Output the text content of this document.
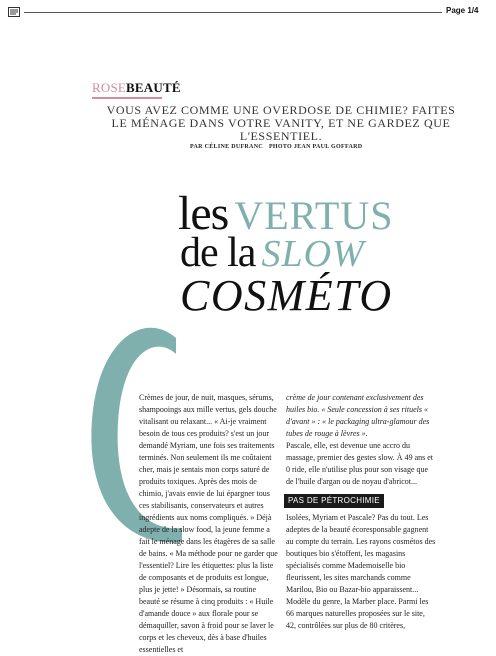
Page 1/4
ROSEBEAUTÉ
VOUS AVEZ COMME UNE OVERDOSE DE CHIMIE? FAITES
LE MÉNAGE DANS VOTRE VANITY, ET NE GARDEZ QUE L'ESSENTIEL.
PAR CÉLINE DUFRANC PHOTO JEAN PAUL GOFFARD
les VERTUS
de la SLOW
COSMÉTO

Crèmes de jour, de nuit, masques, sérums, shampooings aux mille vertus, gels douche vitalisant ou relaxant... « Ai-je vraiment besoin de tous ces produits? s'est un jour demandé Myriam, une fois ses traitements terminés. Non seulement ils me coûtaient cher, mais je sentais mon corps saturé de produits toxiques. Après des mois de chimio, j'avais envie de lui épargner tous ces stabilisants, conservateurs et autres ingrédients aux noms compliqués. » Déjà adepte de la slow food, la jeune femme a fait le ménage dans les étagères de sa salle de bains. « Ma méthode pour ne garder que l'essentiel? Lire les étiquettes: plus la liste de composants et de produits est longue, plus je jette! » Désormais, sa routine beauté se résume à cinq produits : « Huile d'amande douce » aux florale pour se démaquiller, savon à froid pour se laver le corps et les cheveux, dès à base d'huiles essentielles et

crème de jour contenant exclusivement des huiles bio. « Seule concession à ses rituels « d'avant » : « le packaging ultra-glamour des tubes de rouge à lèvres ».

Pascale, elle, est devenue une accro du massage, premier des gestes slow. À 49 ans et 0 ride, elle n'utilise plus pour son visage que de l'huile d'argan ou de noyau d'abricot...

PAS DE PÉTROCHIMIE

Isolées, Myriam et Pascale? Pas du tout. Les adeptes de la beauté écoresponsable gagnent au compte du terrain. Les rayons cosmétos des boutiques bio s'étoffent, les magasins spécialisés comme Mademoiselle bio fleurissent, les sites marchands comme Marilou, Bio ou Bazar-bio apparaissent... Modèle du genre, la Marber place. Parmi les 66 marques naturelles proposées sur le site, 42, contrôlées sur plus de 80 critères,
